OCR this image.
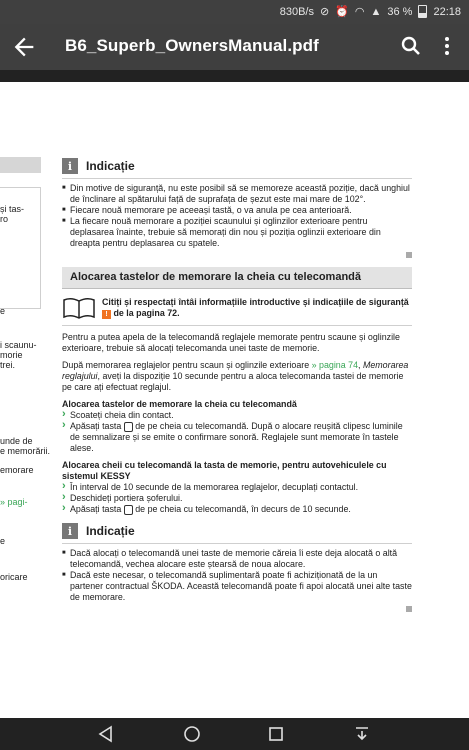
830B/s ⊘ ⏰ ◠ ▲ 36 % 22:18
B6_Superb_OwnersManual.pdf
și tas-
ro
e
i scaunu-
morie
trei.
unde de
e memorării.
emorare
» pagi-
e
oricare
i	Indicație

■ Din motive de siguranță, nu este posibil să se memoreze această poziție, dacă unghiul de înclinare al spătarului față de suprafața de șezut este mai mare de 102°.

■ Fiecare nouă memorare pe aceeași tastă, o va anula pe cea anterioară.

■ La fiecare nouă memorare a poziției scaunului și oglinzilor exterioare pentru deplasarea înainte, trebuie să memorați din nou și poziția oglinzii exterioare din dreapta pentru deplasarea cu spatele.

Alocarea tastelor de memorare la cheia cu telecomandă
Citiți și respectați întâi informațiile introductive și indicațiile de siguranță ! de la pagina 72.

Pentru a putea apela de la telecomandă reglajele memorate pentru scaune și oglinzile exterioare, trebuie să alocați telecomanda unei taste de memorie.

După memorarea reglajelor pentru scaun și oglinzile exterioare » pagina 74, Memorarea reglajului, aveți la dispoziție 10 secunde pentru a aloca telecomanda tastei de memorie pe care ați efectuat reglajul.

Alocarea tastelor de memorare la cheia cu telecomandă

› Scoateți cheia din contact.

› Apăsați tasta de pe cheia cu telecomandă. După o alocare reușită clipesc luminile de semnalizare și se emite o confirmare sonoră. Reglajele sunt memorate în tastele alese.

Alocarea cheii cu telecomandă la tasta de memorie, pentru autovehiculele cu sistemul KESSY

› În interval de 10 secunde de la memorarea reglajelor, decuplați contactul.

› Deschideți portiera șoferului.

› Apăsați tasta de pe cheia cu telecomandă, în decurs de 10 secunde.

i	Indicație

■ Dacă alocați o telecomandă unei taste de memorie căreia îi este deja alocată o altă telecomandă, vechea alocare este ștearsă de noua alocare.

■ Dacă este necesar, o telecomandă suplimentară poate fi achiziționată de la un partener contractual ŠKODA. Această telecomandă poate fi apoi alocată unei alte taste de memorare.
